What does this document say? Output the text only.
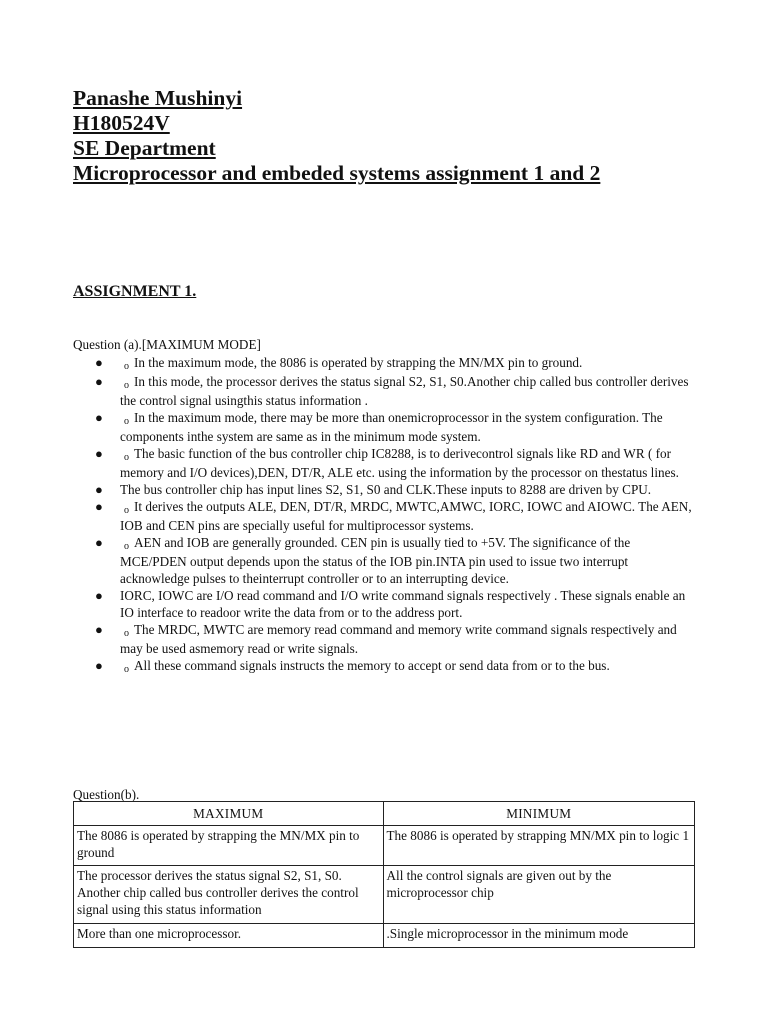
Panashe Mushinyi
H180524V
SE Department
Microprocessor and embeded systems assignment 1 and 2
ASSIGNMENT 1.
Question (a).[MAXIMUM MODE]
● o In the maximum mode, the 8086 is operated by strapping the MN/MX pin to ground.
● o In this mode, the processor derives the status signal S2, S1, S0.Another chip called bus controller derives the control signal usingthis status information .
● o In the maximum mode, there may be more than onemicroprocessor in the system configuration. The components inthe system are same as in the minimum mode system.
● o The basic function of the bus controller chip IC8288, is to derivecontrol signals like RD and WR ( for memory and I/O devices),DEN, DT/R, ALE etc. using the information by the processor on thestatus lines.
● The bus controller chip has input lines S2, S1, S0 and CLK.These inputs to 8288 are driven by CPU.
● o It derives the outputs ALE, DEN, DT/R, MRDC, MWTC,AMWC, IORC, IOWC and AIOWC. The AEN, IOB and CEN pins are specially useful for multiprocessor systems.
● o AEN and IOB are generally grounded. CEN pin is usually tied to +5V. The significance of the MCE/PDEN output depends upon the status of the IOB pin.INTA pin used to issue two interrupt acknowledge pulses to theinterrupt controller or to an interrupting device.
● IORC, IOWC are I/O read command and I/O write command signals respectively . These signals enable an IO interface to readoor write the data from or to the address port.
● o The MRDC, MWTC are memory read command and memory write command signals respectively and may be used asmemory read or write signals.
● o All these command signals instructs the memory to accept or send data from or to the bus.
Question(b).
MAXIMUM	MINIMUM
The 8086 is operated by strapping the MN/MX pin to ground	The 8086 is operated by strapping MN/MX pin to logic 1
The processor derives the status signal S2, S1, S0. Another chip called bus controller derives the control signal using this status information	All the control signals are given out by the microprocessor chip
More than one microprocessor.	.Single microprocessor in the minimum mode
